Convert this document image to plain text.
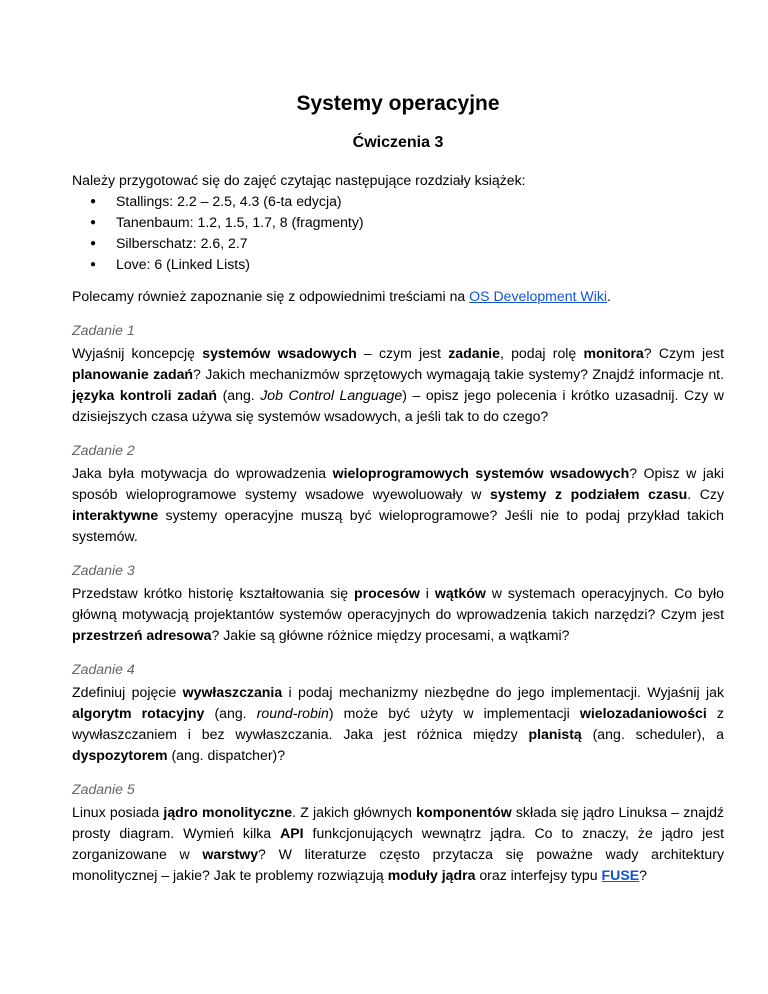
Systemy operacyjne
Ćwiczenia 3

Należy przygotować się do zajęć czytając następujące rozdziały książek:

● Stallings: 2.2 – 2.5, 4.3 (6-ta edycja)
● Tanenbaum: 1.2, 1.5, 1.7, 8 (fragmenty)
● Silberschatz: 2.6, 2.7
● Love: 6 (Linked Lists)

Polecamy również zapoznanie się z odpowiednimi treściami na OS Development Wiki.

Zadanie 1

Wyjaśnij koncepcję systemów wsadowych – czym jest zadanie, podaj rolę monitora? Czym jest planowanie zadań? Jakich mechanizmów sprzętowych wymagają takie systemy? Znajdź informacje nt. języka kontroli zadań (ang. Job Control Language) – opisz jego polecenia i krótko uzasadnij. Czy w dzisiejszych czasa używa się systemów wsadowych, a jeśli tak to do czego?

Zadanie 2

Jaka była motywacja do wprowadzenia wieloprogramowych systemów wsadowych? Opisz w jaki sposób wieloprogramowe systemy wsadowe wyewoluowały w systemy z podziałem czasu. Czy interaktywne systemy operacyjne muszą być wieloprogramowe? Jeśli nie to podaj przykład takich systemów.

Zadanie 3

Przedstaw krótko historię kształtowania się procesów i wątków w systemach operacyjnych. Co było główną motywacją projektantów systemów operacyjnych do wprowadzenia takich narzędzi? Czym jest przestrzeń adresowa? Jakie są główne różnice między procesami, a wątkami?

Zadanie 4

Zdefiniuj pojęcie wywłaszczania i podaj mechanizmy niezbędne do jego implementacji. Wyjaśnij jak algorytm rotacyjny (ang. round-robin) może być użyty w implementacji wielozadaniowości z wywłaszczaniem i bez wywłaszczania. Jaka jest różnica między planistą (ang. scheduler), a dyspozytorem (ang. dispatcher)?

Zadanie 5

Linux posiada jądro monolityczne. Z jakich głównych komponentów składa się jądro Linuksa – znajdź prosty diagram. Wymień kilka API funkcjonujących wewnątrz jądra. Co to znaczy, że jądro jest zorganizowane w warstwy? W literaturze często przytacza się poważne wady architektury monolitycznej – jakie? Jak te problemy rozwiązują moduły jądra oraz interfejsy typu FUSE?
